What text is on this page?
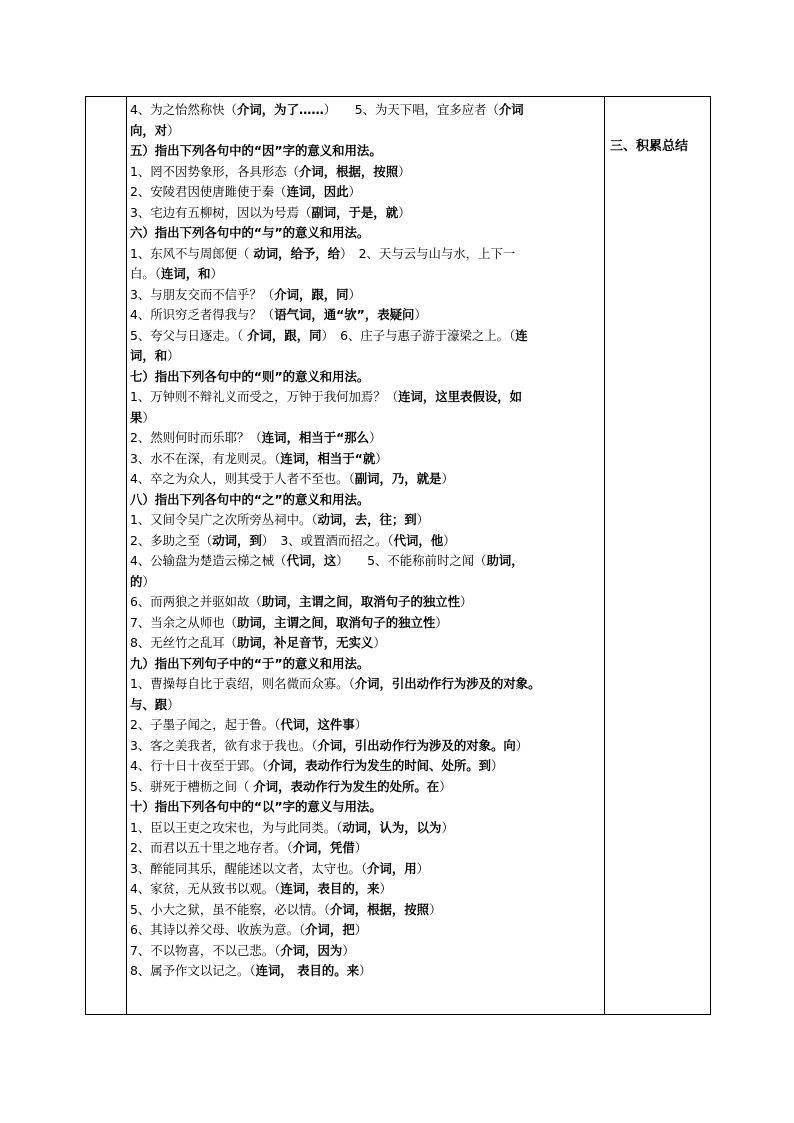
4、为之怡然称快（介词，为了……）　　5、为天下唱，宜多应者（介词
向，对）
五）指出下列各句中的“因”字的意义和用法。
1、罔不因势象形，各具形态（介词，根据，按照）
2、安陵君因使唐雎使于秦（连词，因此）
3、宅边有五柳树，因以为号焉（副词，于是，就）
六）指出下列各句中的“与”的意义和用法。
1、东风不与周郎便（ 动词，给予，给）　2、天与云与山与水，上下一
白。（连词，和）
3、与朋友交而不信乎？（介词，跟，同）
4、所识穷乏者得我与？（语气词，通“欤”，表疑问）
5、夸父与日逐走。（ 介词，跟，同）　6、庄子与惠子游于濠梁之上。（连
词，和）
七）指出下列各句中的“则”的意义和用法。
1、万钟则不辩礼义而受之，万钟于我何加焉？（连词，这里表假设，如
果）
2、然则何时而乐耶？（连词，相当于“那么）
3、水不在深，有龙则灵。（连词，相当于“就）
4、卒之为众人，则其受于人者不至也。（副词，乃，就是）
八）指出下列各句中的“之”的意义和用法。
1、又间令吴广之次所旁丛祠中。（动词，去，往；到）
2、多助之至（动词，到）　3、或置酒而招之。（代词，他）
4、公输盘为楚造云梯之械（代词，这）　　5、不能称前时之闻（助词，
的）
6、而两狼之并驱如故（助词，主谓之间，取消句子的独立性）
7、当余之从师也（助词，主谓之间，取消句子的独立性）
8、无丝竹之乱耳（助词，补足音节，无实义）
九）指出下列句子中的“于”的意义和用法。
1、曹操每自比于袁绍，则名微而众寡。（介词，引出动作行为涉及的对象。
与、跟）
2、子墨子闻之，起于鲁。（代词，这件事）
3、客之美我者，欲有求于我也。（介词，引出动作行为涉及的对象。向）
4、行十日十夜至于郢。（介词，表动作行为发生的时间、处所。到）
5、骈死于槽枥之间（ 介词，表动作行为发生的处所。在）
十）指出下列各句中的“以”字的意义与用法。
1、臣以王吏之攻宋也，为与此同类。（动词，认为，以为）
2、而君以五十里之地存者。（介词，凭借）
3、醉能同其乐，醒能述以文者，太守也。（介词，用）
4、家贫，无从致书以观。（连词，表目的，来）
5、小大之狱，虽不能察，必以情。（介词，根据，按照）
6、其诗以养父母、收族为意。（介词，把）
7、不以物喜，不以己悲。（介词，因为）
8、属予作文以记之。（连词， 表目的。来）
三、积累总结
